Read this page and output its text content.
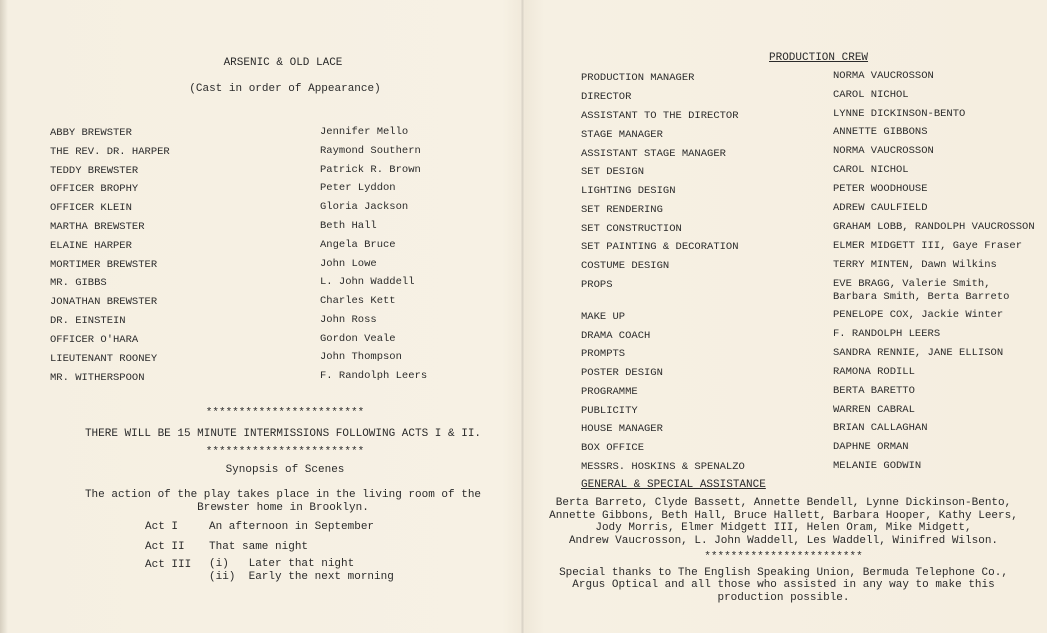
ARSENIC & OLD LACE
(Cast in order of Appearance)
ABBY BREWSTER	Jennifer Mello
THE REV. DR. HARPER	Raymond Southern
TEDDY BREWSTER	Patrick R. Brown
OFFICER BROPHY	Peter Lyddon
OFFICER KLEIN	Gloria Jackson
MARTHA BREWSTER	Beth Hall
ELAINE HARPER	Angela Bruce
MORTIMER BREWSTER	John Lowe
MR. GIBBS	L. John Waddell
JONATHAN BREWSTER	Charles Kett
DR. EINSTEIN	John Ross
OFFICER O'HARA	Gordon Veale
LIEUTENANT ROONEY	John Thompson
MR. WITHERSPOON	F. Randolph Leers
************************
THERE WILL BE 15 MINUTE INTERMISSIONS FOLLOWING ACTS I & II.
************************
Synopsis of Scenes
The action of the play takes place in the living room of the
Brewster home in Brooklyn.
Act I	An afternoon in September
Act II That same night
Act III (i)   Later that night
(ii)  Early the next morning
PRODUCTION CREW
PRODUCTION MANAGER	NORMA VAUCROSSON
DIRECTOR	CAROL NICHOL
ASSISTANT TO THE DIRECTOR	LYNNE DICKINSON-BENTO
STAGE MANAGER	ANNETTE GIBBONS
ASSISTANT STAGE MANAGER	NORMA VAUCROSSON
SET DESIGN	CAROL NICHOL
LIGHTING DESIGN	PETER WOODHOUSE
SET RENDERING	ADREW CAULFIELD
SET CONSTRUCTION	GRAHAM LOBB, RANDOLPH VAUCROSSON
SET PAINTING & DECORATION	ELMER MIDGETT III, Gaye Fraser
COSTUME DESIGN	TERRY MINTEN, Dawn Wilkins
PROPS	EVE BRAGG, Valerie Smith,
Barbara Smith, Berta Barreto
MAKE UP	PENELOPE COX, Jackie Winter
DRAMA COACH	F. RANDOLPH LEERS
PROMPTS	SANDRA RENNIE, JANE ELLISON
POSTER DESIGN	RAMONA RODILL
PROGRAMME	BERTA BARETTO
PUBLICITY	WARREN CABRAL
HOUSE MANAGER	BRIAN CALLAGHAN
BOX OFFICE	DAPHNE ORMAN
MESSRS. HOSKINS & SPENALZO	MELANIE GODWIN
GENERAL & SPECIAL ASSISTANCE
Berta Barreto, Clyde Bassett, Annette Bendell, Lynne Dickinson-Bento,
Annette Gibbons, Beth Hall, Bruce Hallett, Barbara Hooper, Kathy Leers,
Jody Morris, Elmer Midgett III, Helen Oram, Mike Midgett,
Andrew Vaucrosson, L. John Waddell, Les Waddell, Winifred Wilson.
************************
Special thanks to The English Speaking Union, Bermuda Telephone Co.,
Argus Optical and all those who assisted in any way to make this
production possible.
